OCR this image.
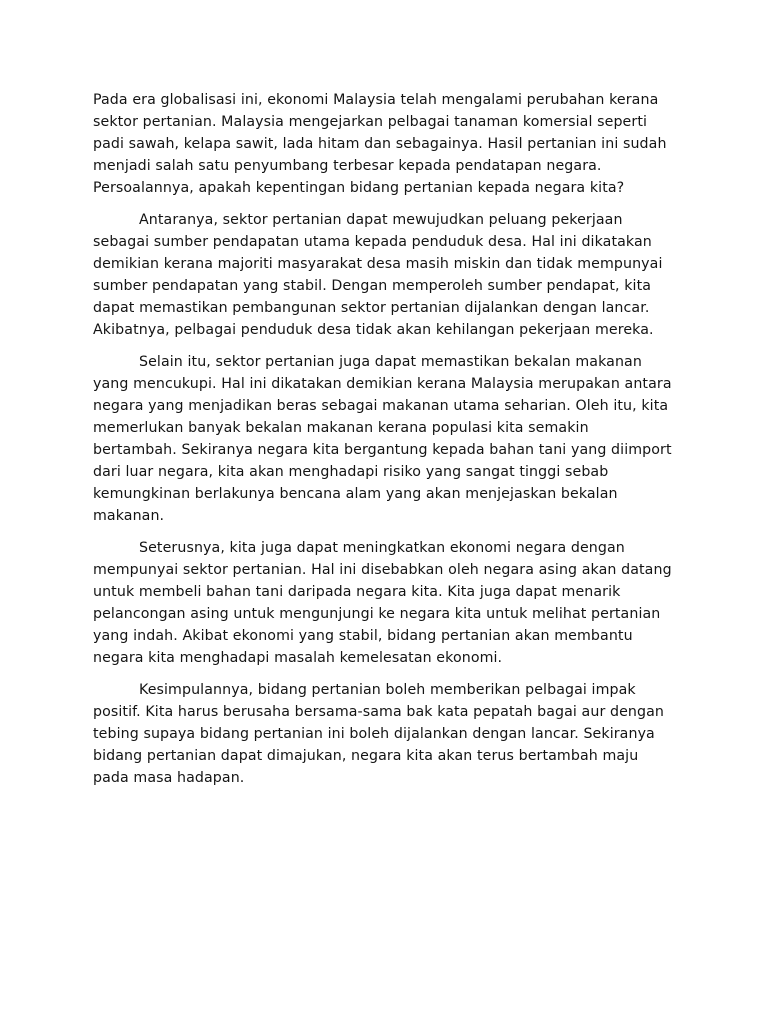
Pada era globalisasi ini, ekonomi Malaysia telah mengalami perubahan kerana
sektor pertanian. Malaysia mengejarkan pelbagai tanaman komersial seperti
padi sawah, kelapa sawit, lada hitam dan sebagainya. Hasil pertanian ini sudah
menjadi salah satu penyumbang terbesar kepada pendatapan negara.
Persoalannya, apakah kepentingan bidang pertanian kepada negara kita?

Antaranya, sektor pertanian dapat mewujudkan peluang pekerjaan
sebagai sumber pendapatan utama kepada penduduk desa. Hal ini dikatakan
demikian kerana majoriti masyarakat desa masih miskin dan tidak mempunyai
sumber pendapatan yang stabil. Dengan memperoleh sumber pendapat, kita
dapat memastikan pembangunan sektor pertanian dijalankan dengan lancar.
Akibatnya, pelbagai penduduk desa tidak akan kehilangan pekerjaan mereka.

Selain itu, sektor pertanian juga dapat memastikan bekalan makanan
yang mencukupi. Hal ini dikatakan demikian kerana Malaysia merupakan antara
negara yang menjadikan beras sebagai makanan utama seharian. Oleh itu, kita
memerlukan banyak bekalan makanan kerana populasi kita semakin
bertambah. Sekiranya negara kita bergantung kepada bahan tani yang diimport
dari luar negara, kita akan menghadapi risiko yang sangat tinggi sebab
kemungkinan berlakunya bencana alam yang akan menjejaskan bekalan
makanan.

Seterusnya, kita juga dapat meningkatkan ekonomi negara dengan
mempunyai sektor pertanian. Hal ini disebabkan oleh negara asing akan datang
untuk membeli bahan tani daripada negara kita. Kita juga dapat menarik
pelancongan asing untuk mengunjungi ke negara kita untuk melihat pertanian
yang indah. Akibat ekonomi yang stabil, bidang pertanian akan membantu
negara kita menghadapi masalah kemelesatan ekonomi.

Kesimpulannya, bidang pertanian boleh memberikan pelbagai impak
positif. Kita harus berusaha bersama-sama bak kata pepatah bagai aur dengan
tebing supaya bidang pertanian ini boleh dijalankan dengan lancar. Sekiranya
bidang pertanian dapat dimajukan, negara kita akan terus bertambah maju
pada masa hadapan.
